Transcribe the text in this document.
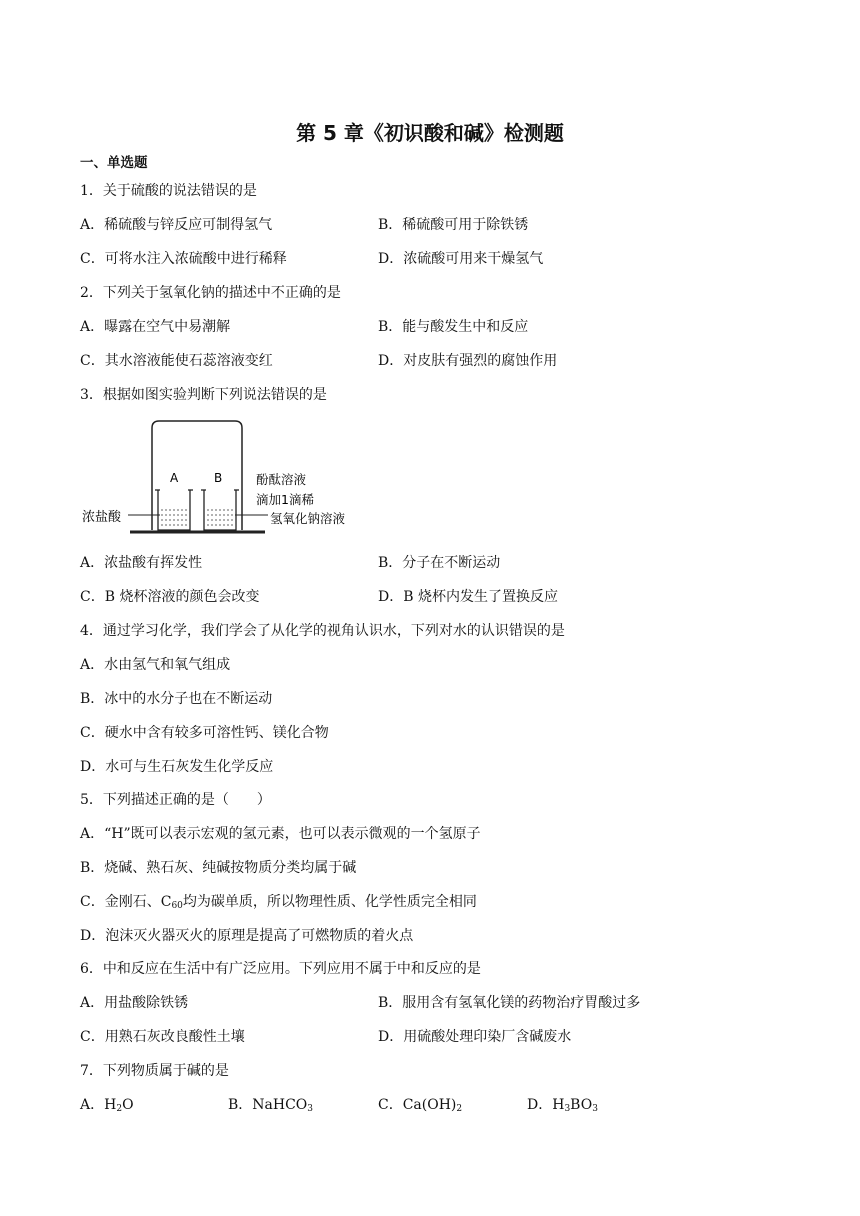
第 5 章《初识酸和碱》检测题
一、单选题
1．关于硫酸的说法错误的是
A．稀硫酸与锌反应可制得氢气	B．稀硫酸可用于除铁锈
C．可将水注入浓硫酸中进行稀释	D．浓硫酸可用来干燥氢气
2．下列关于氢氧化钠的描述中不正确的是
A．曝露在空气中易潮解	B．能与酸发生中和反应
C．其水溶液能使石蕊溶液变红	D．对皮肤有强烈的腐蚀作用
3．根据如图实验判断下列说法错误的是
A	B
浓盐酸
酚酞溶液
滴加1滴稀
氢氧化钠溶液
A．浓盐酸有挥发性	B．分子在不断运动
C．B 烧杯溶液的颜色会改变	D．B 烧杯内发生了置换反应
4．通过学习化学，我们学会了从化学的视角认识水，下列对水的认识错误的是
A．水由氢气和氧气组成
B．冰中的水分子也在不断运动
C．硬水中含有较多可溶性钙、镁化合物
D．水可与生石灰发生化学反应
5．下列描述正确的是（　　）
A．“H”既可以表示宏观的氢元素，也可以表示微观的一个氢原子
B．烧碱、熟石灰、纯碱按物质分类均属于碱
C．金刚石、$C_{60}$均为碳单质，所以物理性质、化学性质完全相同
D．泡沫灭火器灭火的原理是提高了可燃物质的着火点
6．中和反应在生活中有广泛应用。下列应用不属于中和反应的是
A．用盐酸除铁锈	B．服用含有氢氧化镁的药物治疗胃酸过多
C．用熟石灰改良酸性土壤	D．用硫酸处理印染厂含碱废水
7．下列物质属于碱的是
A．$H_2O$	B．NaHCO$_3$	C．$Ca(OH)_2$	D．$H_3BO_3$
